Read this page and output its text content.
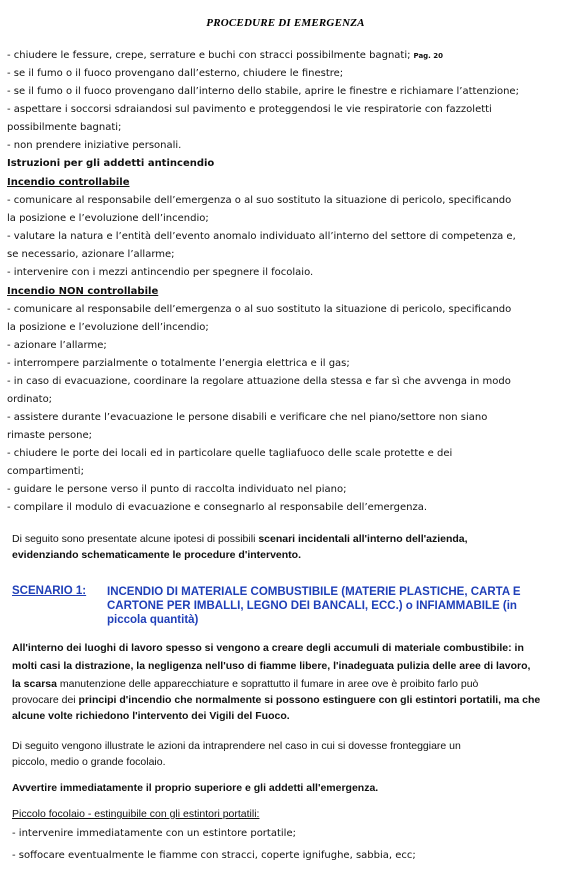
PROCEDURE DI EMERGENZA
- chiudere le fessure, crepe, serrature e buchi con stracci possibilmente bagnati; Pag. 20
- se il fumo o il fuoco provengano dall’esterno, chiudere le finestre;
- se il fumo o il fuoco provengano dall’interno dello stabile, aprire le finestre e richiamare l’attenzione;
- aspettare i soccorsi sdraiandosi sul pavimento e proteggendosi le vie respiratorie con fazzoletti
possibilmente bagnati;
- non prendere iniziative personali.
Istruzioni per gli addetti antincendio
Incendio controllabile
- comunicare al responsabile dell’emergenza o al suo sostituto la situazione di pericolo, specificando
la posizione e l’evoluzione dell’incendio;
- valutare la natura e l’entità dell’evento anomalo individuato all’interno del settore di competenza e,
se necessario, azionare l’allarme;
- intervenire con i mezzi antincendio per spegnere il focolaio.
Incendio NON controllabile
- comunicare al responsabile dell’emergenza o al suo sostituto la situazione di pericolo, specificando
la posizione e l’evoluzione dell’incendio;
- azionare l’allarme;
- interrompere parzialmente o totalmente l’energia elettrica e il gas;
- in caso di evacuazione, coordinare la regolare attuazione della stessa e far sì che avvenga in modo
ordinato;
- assistere durante l’evacuazione le persone disabili e verificare che nel piano/settore non siano
rimaste persone;
- chiudere le porte dei locali ed in particolare quelle tagliafuoco delle scale protette e dei
compartimenti;
- guidare le persone verso il punto di raccolta individuato nel piano;
- compilare il modulo di evacuazione e consegnarlo al responsabile dell’emergenza.
Di seguito sono presentate alcune ipotesi di possibili scenari incidentali all'interno dell'azienda,
evidenziando schematicamente le procedure d'intervento.
SCENARIO 1: INCENDIO DI MATERIALE COMBUSTIBILE (MATERIE PLASTICHE, CARTA E
CARTONE PER IMBALLI, LEGNO DEI BANCALI, ECC.) o INFIAMMABILE (in
piccola quantità)
All'interno dei luoghi di lavoro spesso si vengono a creare degli accumuli di materiale combustibile: in
molti casi la distrazione, la negligenza nell'uso di fiamme libere, l'inadeguata pulizia delle aree di lavoro,
la scarsa manutenzione delle apparecchiature e soprattutto il fumare in aree ove è proibito farlo può
provocare dei principi d'incendio che normalmente si possono estinguere con gli estintori portatili, ma che
alcune volte richiedono l'intervento dei Vigili del Fuoco.
Di seguito vengono illustrate le azioni da intraprendere nel caso in cui si dovesse fronteggiare un
piccolo, medio o grande focolaio.
Avvertire immediatamente il proprio superiore e gli addetti all'emergenza.
Piccolo focolaio - estinguibile con gli estintori portatili:
- intervenire immediatamente con un estintore portatile;
- soffocare eventualmente le fiamme con stracci, coperte ignifughe, sabbia, ecc;
